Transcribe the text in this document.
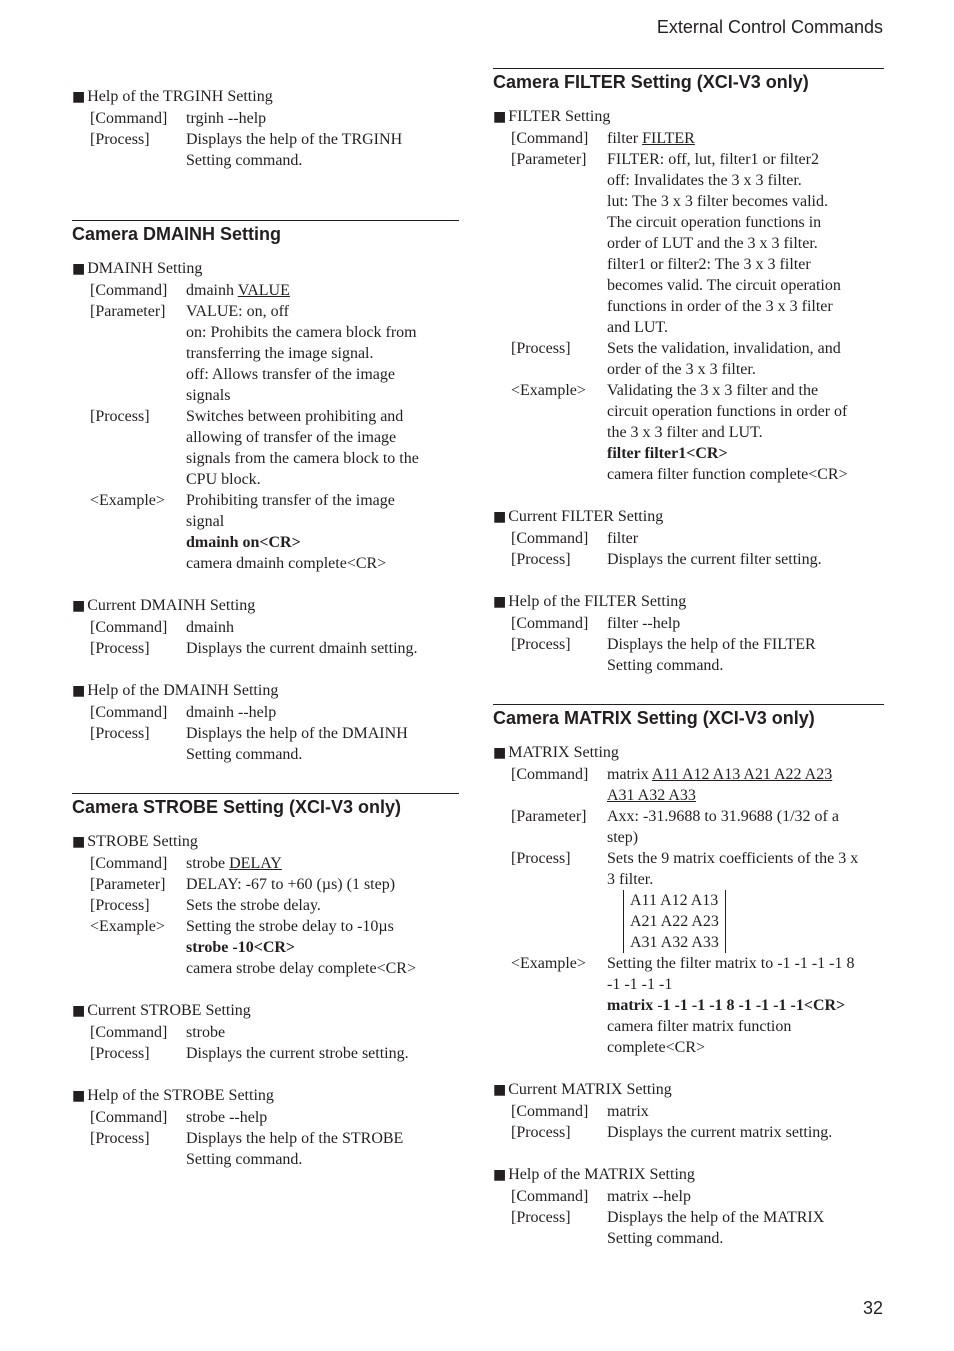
External Control Commands
■ Help of the TRGINH Setting
[Command]	trginh --help
[Process]	Displays the help of the TRGINH
Setting command.
Camera DMAINH Setting
■ DMAINH Setting
[Command]	dmainh VALUE
[Parameter]	VALUE: on, off
on: Prohibits the camera block from
transferring the image signal.
off: Allows transfer of the image
signals
[Process]	Switches between prohibiting and
allowing of transfer of the image
signals from the camera block to the
CPU block.
<Example>	Prohibiting transfer of the image
signal
dmainh on<CR>
camera dmainh complete<CR>
■ Current DMAINH Setting
[Command]	dmainh
[Process]	Displays the current dmainh setting.
■ Help of the DMAINH Setting
[Command]	dmainh --help
[Process]	Displays the help of the DMAINH
Setting command.
Camera STROBE Setting (XCI-V3 only)
■ STROBE Setting
[Command]	strobe DELAY
[Parameter]	DELAY: -67 to +60 (µs) (1 step)
[Process]	Sets the strobe delay.
<Example>	Setting the strobe delay to -10µs
strobe -10<CR>
camera strobe delay complete<CR>
■ Current STROBE Setting
[Command]	strobe
[Process]	Displays the current strobe setting.
■ Help of the STROBE Setting
[Command]	strobe --help
[Process]	Displays the help of the STROBE
Setting command.
Camera FILTER Setting (XCI-V3 only)
■ FILTER Setting
[Command]	filter FILTER
[Parameter]	FILTER: off, lut, filter1 or filter2
off: Invalidates the 3 x 3 filter.
lut: The 3 x 3 filter becomes valid.
The circuit operation functions in
order of LUT and the 3 x 3 filter.
filter1 or filter2: The 3 x 3 filter
becomes valid. The circuit operation
functions in order of the 3 x 3 filter
and LUT.
[Process]	Sets the validation, invalidation, and
order of the 3 x 3 filter.
<Example>	Validating the 3 x 3 filter and the
circuit operation functions in order of
the 3 x 3 filter and LUT.
filter filter1<CR>
camera filter function complete<CR>
■ Current FILTER Setting
[Command]	filter
[Process]	Displays the current filter setting.
■ Help of the FILTER Setting
[Command]	filter --help
[Process]	Displays the help of the FILTER
Setting command.
Camera MATRIX Setting (XCI-V3 only)
■ MATRIX Setting
[Command]	matrix A11 A12 A13 A21 A22 A23
A31 A32 A33
[Parameter]	Axx: -31.9688 to 31.9688 (1/32 of a
step)
[Process]	Sets the 9 matrix coefficients of the 3 x
3 filter.
A11 A12 A13
A21 A22 A23
A31 A32 A33
<Example>	Setting the filter matrix to -1 -1 -1 -1 8
-1 -1 -1 -1
matrix -1 -1 -1 -1 8 -1 -1 -1 -1<CR>
camera filter matrix function
complete<CR>
■ Current MATRIX Setting
[Command]	matrix
[Process]	Displays the current matrix setting.
■ Help of the MATRIX Setting
[Command]	matrix --help
[Process]	Displays the help of the MATRIX
Setting command.
32
